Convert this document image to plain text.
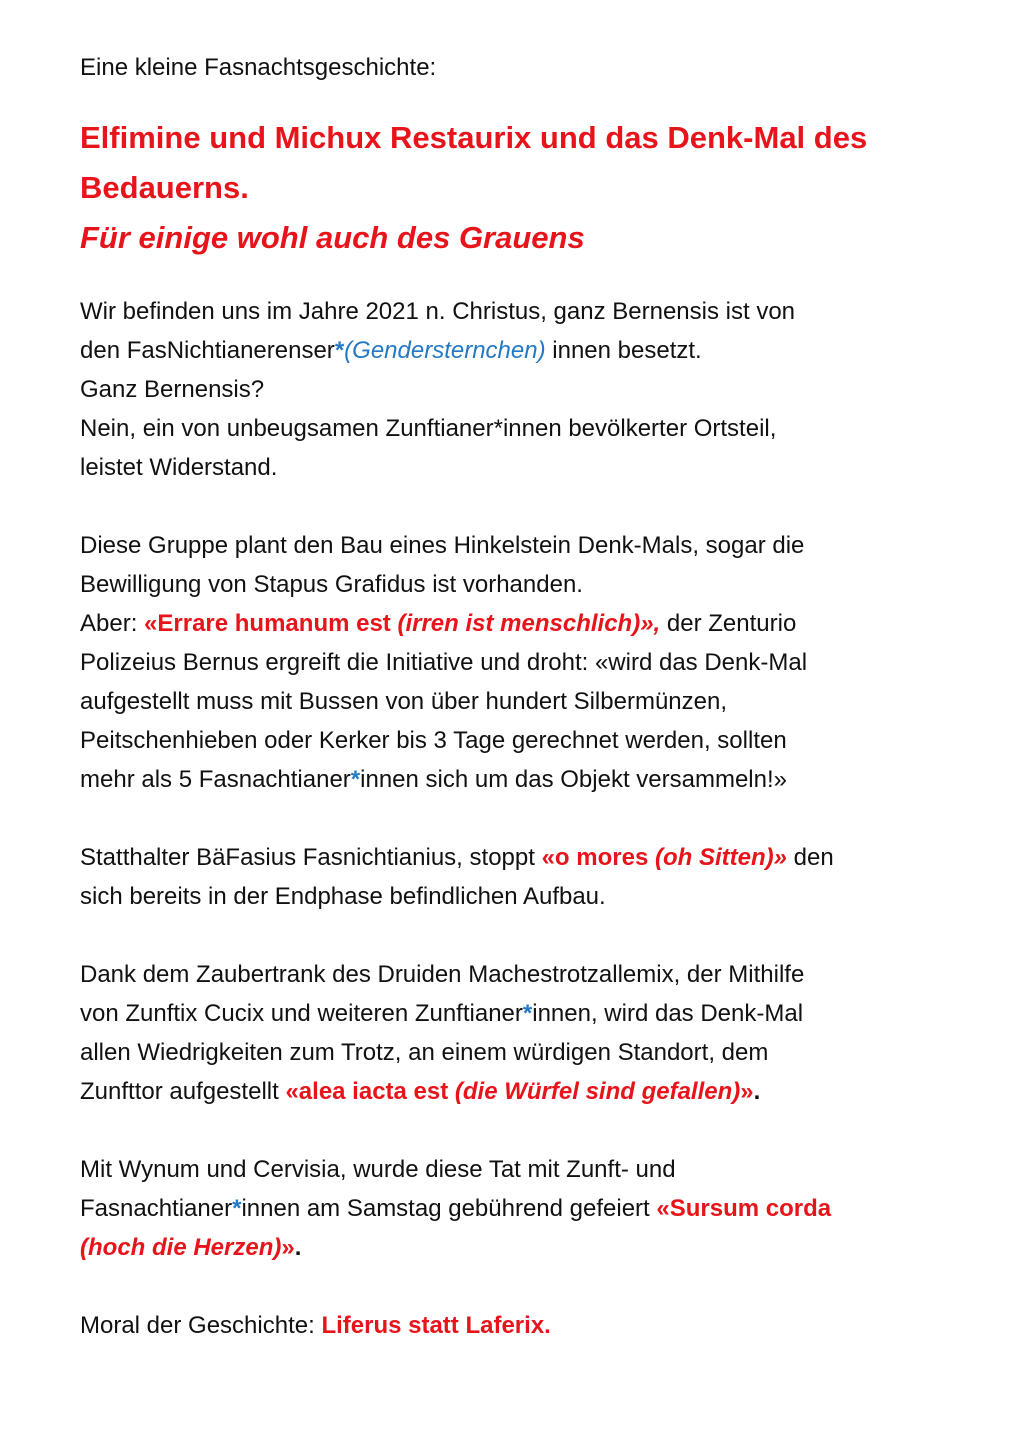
Eine kleine Fasnachtsgeschichte:

Elfimine und Michux Restaurix und das Denk-Mal des
Bedauerns.

Für einige wohl auch des Grauens

Wir befinden uns im Jahre 2021 n. Christus, ganz Bernensis ist von
den FasNichtianerenser*(Gendersternchen) innen besetzt.
Ganz Bernensis?
Nein, ein von unbeugsamen Zunftianer*innen bevölkerter Ortsteil,
leistet Widerstand.
Diese Gruppe plant den Bau eines Hinkelstein Denk-Mals, sogar die
Bewilligung von Stapus Grafidus ist vorhanden.
Aber: «Errare humanum est (irren ist menschlich)», der Zenturio
Polizeius Bernus ergreift die Initiative und droht: «wird das Denk-Mal
aufgestellt muss mit Bussen von über hundert Silbermünzen,
Peitschenhieben oder Kerker bis 3 Tage gerechnet werden, sollten
mehr als 5 Fasnachtianer*innen sich um das Objekt versammeln!»
Statthalter BäFasius Fasnichtianius, stoppt «o mores (oh Sitten)» den
sich bereits in der Endphase befindlichen Aufbau.
Dank dem Zaubertrank des Druiden Machestrotzallemix, der Mithilfe
von Zunftix Cucix und weiteren Zunftianer*innen, wird das Denk-Mal
allen Wiedrigkeiten zum Trotz, an einem würdigen Standort, dem
Zunfttor aufgestellt «alea iacta est (die Würfel sind gefallen)».
Mit Wynum und Cervisia, wurde diese Tat mit Zunft- und
Fasnachtianer*innen am Samstag gebührend gefeiert «Sursum corda
(hoch die Herzen)».
Moral der Geschichte: Liferus statt Laferix.
